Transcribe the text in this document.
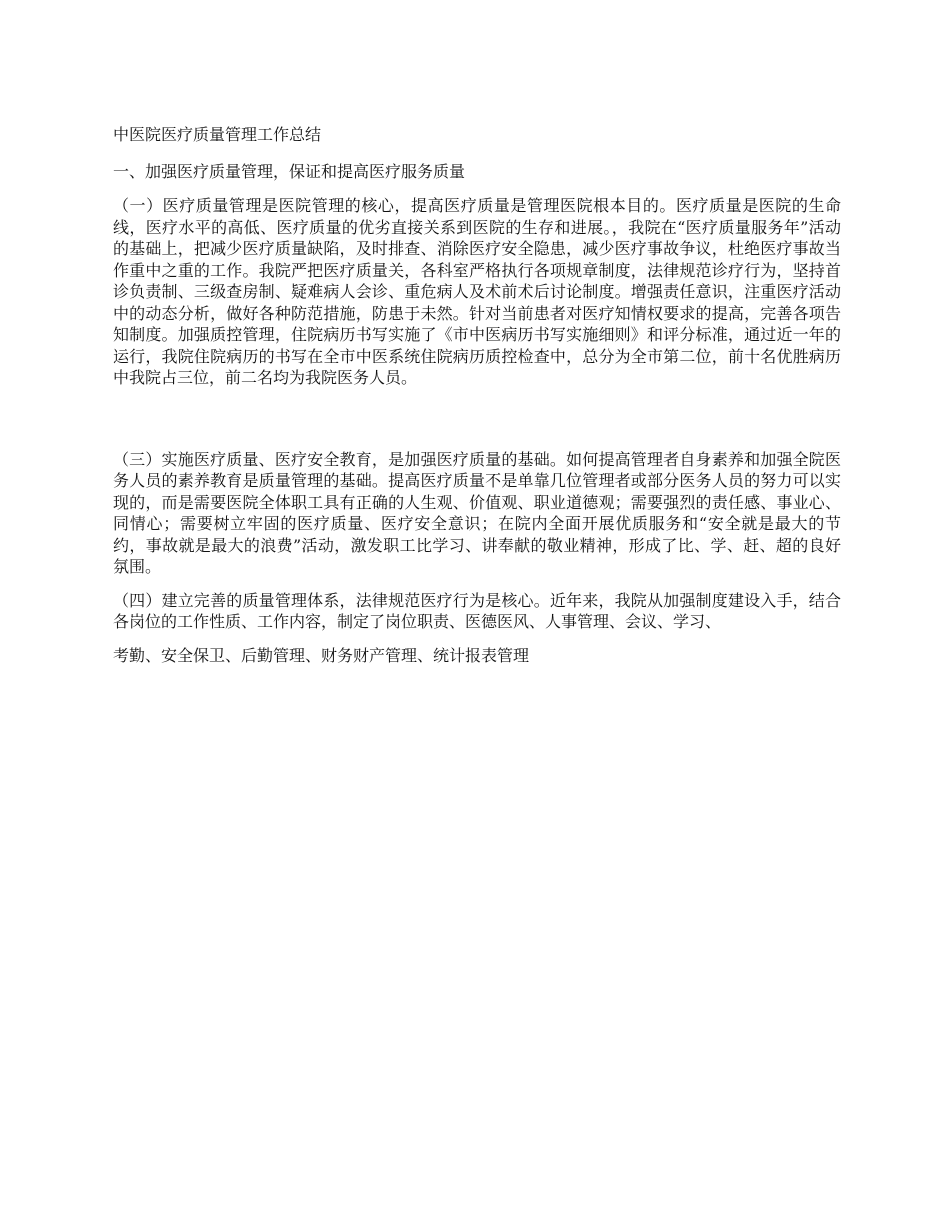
中医院医疗质量管理工作总结

一、加强医疗质量管理，保证和提高医疗服务质量

（一）医疗质量管理是医院管理的核心，提高医疗质量是管理医院根本目的。医疗质量是医院的生命线，医疗水平的高低、医疗质量的优劣直接关系到医院的生存和进展。，我院在“医疗质量服务年”活动的基础上，把减少医疗质量缺陷，及时排查、消除医疗安全隐患，减少医疗事故争议，杜绝医疗事故当作重中之重的工作。我院严把医疗质量关，各科室严格执行各项规章制度，法律规范诊疗行为，坚持首诊负责制、三级查房制、疑难病人会诊、重危病人及术前术后讨论制度。增强责任意识，注重医疗活动中的动态分析，做好各种防范措施，防患于未然。针对当前患者对医疗知情权要求的提高，完善各项告知制度。加强质控管理，住院病历书写实施了《市中医病历书写实施细则》和评分标准，通过近一年的运行，我院住院病历的书写在全市中医系统住院病历质控检查中，总分为全市第二位，前十名优胜病历中我院占三位，前二名均为我院医务人员。

（三）实施医疗质量、医疗安全教育，是加强医疗质量的基础。如何提高管理者自身素养和加强全院医务人员的素养教育是质量管理的基础。提高医疗质量不是单靠几位管理者或部分医务人员的努力可以实现的，而是需要医院全体职工具有正确的人生观、价值观、职业道德观；需要强烈的责任感、事业心、同情心；需要树立牢固的医疗质量、医疗安全意识；在院内全面开展优质服务和“安全就是最大的节约，事故就是最大的浪费”活动，激发职工比学习、讲奉献的敬业精神，形成了比、学、赶、超的良好氛围。

（四）建立完善的质量管理体系，法律规范医疗行为是核心。近年来，我院从加强制度建设入手，结合各岗位的工作性质、工作内容，制定了岗位职责、医德医风、人事管理、会议、学习、

考勤、安全保卫、后勤管理、财务财产管理、统计报表管理
